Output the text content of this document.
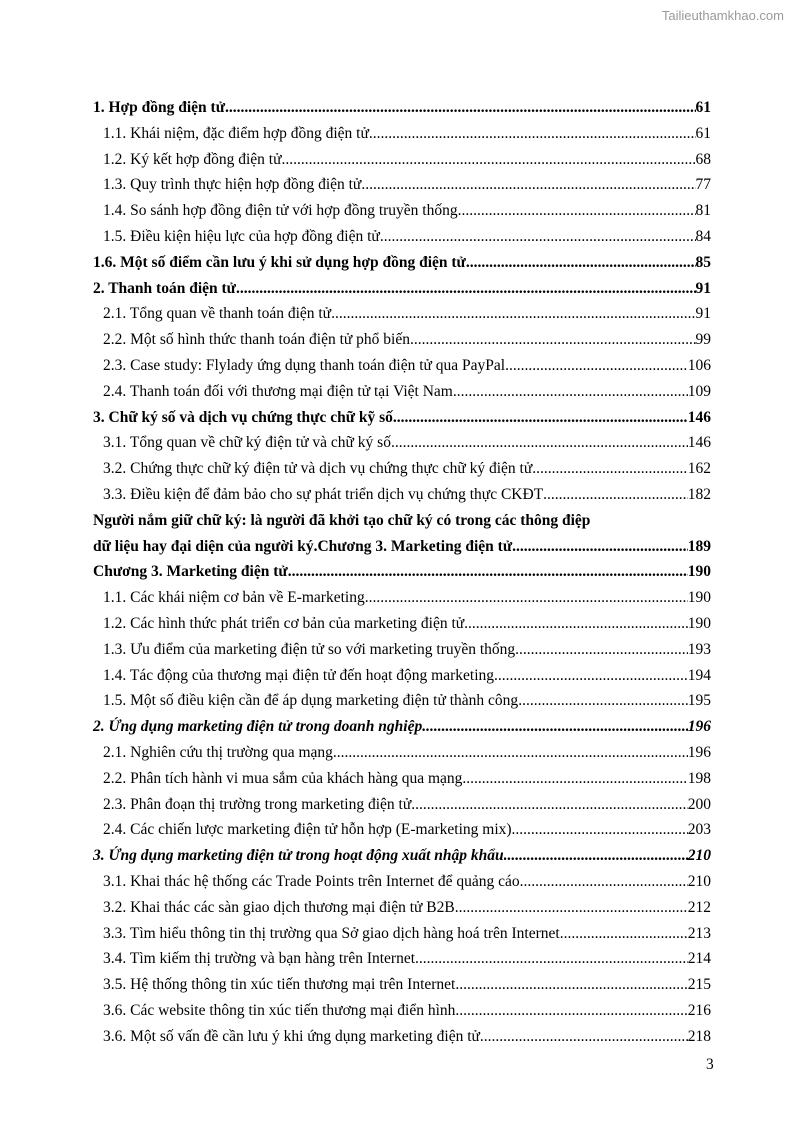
Tailieuthamkhao.com
1. Hợp đồng điện tử .....	61
1.1. Khái niệm, đặc điểm hợp đồng điện tử .....	61
1.2. Ký kết hợp đồng điện tử .....	68
1.3. Quy trình thực hiện hợp đồng điện tử .....	77
1.4. So sánh hợp đồng điện tử với hợp đồng truyền thống .....	81
1.5. Điều kiện hiệu lực của hợp đồng điện tử .....	84
1.6. Một số điểm cần lưu ý khi sử dụng hợp đồng điện tử .....	85
2. Thanh toán điện tử .....	91
2.1. Tổng quan về thanh toán điện tử .....	91
2.2. Một số hình thức thanh toán điện tử phổ biến .....	99
2.3. Case study: Flylady ứng dụng thanh toán điện tử qua PayPal .....	106
2.4. Thanh toán đối với thương mại điện tử tại Việt Nam .....	109
3. Chữ ký số và dịch vụ chứng thực chữ kỹ số .....	146
3.1. Tổng quan về chữ ký điện tử và chữ ký số .....	146
3.2. Chứng thực chữ ký điện tử và dịch vụ chứng thực chữ ký điện tử .....	162
3.3. Điều kiện để đảm bảo cho sự phát triển dịch vụ chứng thực CKĐT .....	182
Người nắm giữ chữ ký: là người đã khởi tạo chữ ký có trong các thông điệp
dữ liệu hay đại diện của người ký.Chương 3. Marketing điện tử .....	189
Chương 3. Marketing điện tử .....	190
1.1. Các khái niệm cơ bản về E-marketing .....	190
1.2. Các hình thức phát triển cơ bản của marketing điện tử .....	190
1.3. Ưu điểm của marketing điện tử so với marketing truyền thống .....	193
1.4. Tác động của thương mại điện tử đến hoạt động marketing .....	194
1.5. Một số điều kiện cần để áp dụng marketing điện tử thành công .....	195
2. Ứng dụng marketing điện tử trong doanh nghiệp .....	196
2.1. Nghiên cứu thị trường qua mạng .....	196
2.2. Phân tích hành vi mua sắm của khách hàng qua mạng .....	198
2.3. Phân đoạn thị trường trong marketing điện tử .....	200
2.4. Các chiến lược marketing điện tử hỗn hợp (E-marketing mix) .....	203
3. Ứng dụng marketing điện tử trong hoạt động xuất nhập khẩu .....	210
3.1. Khai thác hệ thống các Trade Points trên Internet để quảng cáo .....	210
3.2. Khai thác các sàn giao dịch thương mại điện tử B2B .....	212
3.3. Tìm hiểu thông tin thị trường qua Sở giao dịch hàng hoá trên Internet .....	213
3.4. Tìm kiếm thị trường và bạn hàng trên Internet .....	214
3.5. Hệ thống thông tin xúc tiến thương mại trên Internet .....	215
3.6. Các website thông tin xúc tiến thương mại điển hình .....	216
3.6. Một số vấn đề cần lưu ý khi ứng dụng marketing điện tử .....	218
3
